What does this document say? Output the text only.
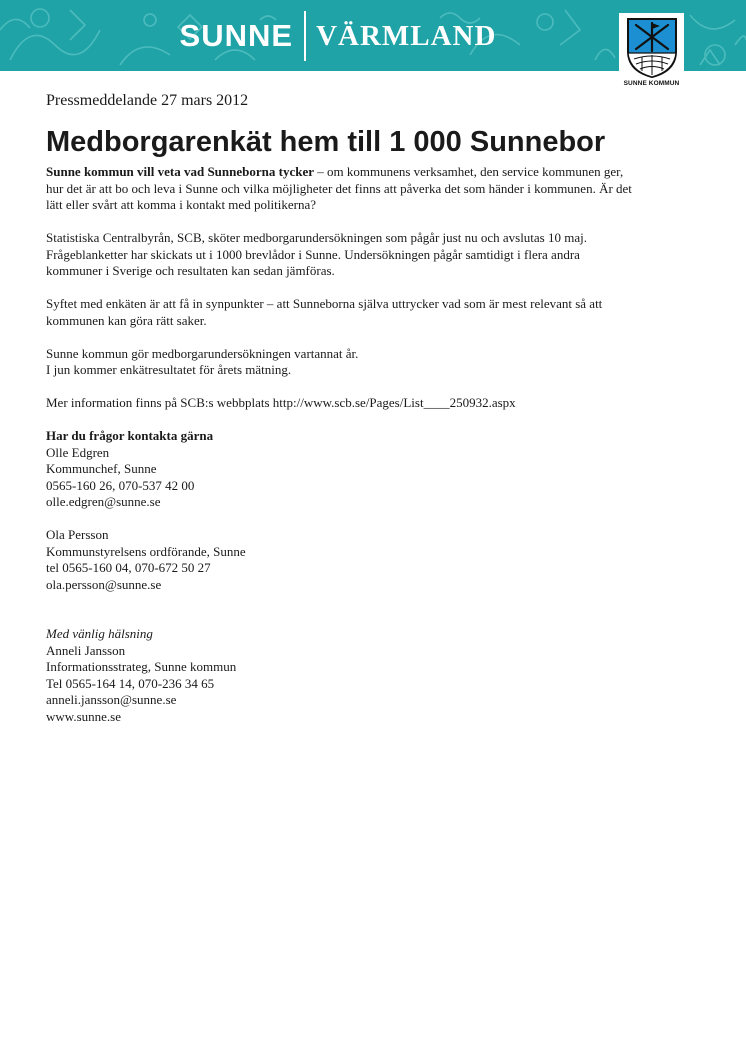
SUNNE VÄRMLAND
SUNNE KOMMUN

Pressmeddelande 27 mars 2012

Medborgarenkät hem till 1 000 Sunnebor

Sunne kommun vill veta vad Sunneborna tycker – om kommunens verksamhet, den service kommunen ger, hur det är att bo och leva i Sunne och vilka möjligheter det finns att påverka det som händer i kommunen. Är det lätt eller svårt att komma i kontakt med politikerna?

Statistiska Centralbyrån, SCB, sköter medborgarundersökningen som pågår just nu och avslutas 10 maj. Frågeblanketter har skickats ut i 1000 brevlådor i Sunne. Undersökningen pågår samtidigt i flera andra kommuner i Sverige och resultaten kan sedan jämföras.

Syftet med enkäten är att få in synpunkter – att Sunneborna själva uttrycker vad som är mest relevant så att kommunen kan göra rätt saker.

Sunne kommun gör medborgarundersökningen vartannat år.
I jun kommer enkätresultatet för årets mätning.

Mer information finns på SCB:s webbplats http://www.scb.se/Pages/List____250932.aspx

Har du frågor kontakta gärna
Olle Edgren
Kommunchef, Sunne
0565-160 26, 070-537 42 00
olle.edgren@sunne.se

Ola Persson
Kommunstyrelsens ordförande, Sunne
tel 0565-160 04, 070-672 50 27
ola.persson@sunne.se

Med vänlig hälsning
Anneli Jansson
Informationsstrateg, Sunne kommun
Tel 0565-164 14, 070-236 34 65
anneli.jansson@sunne.se
www.sunne.se
